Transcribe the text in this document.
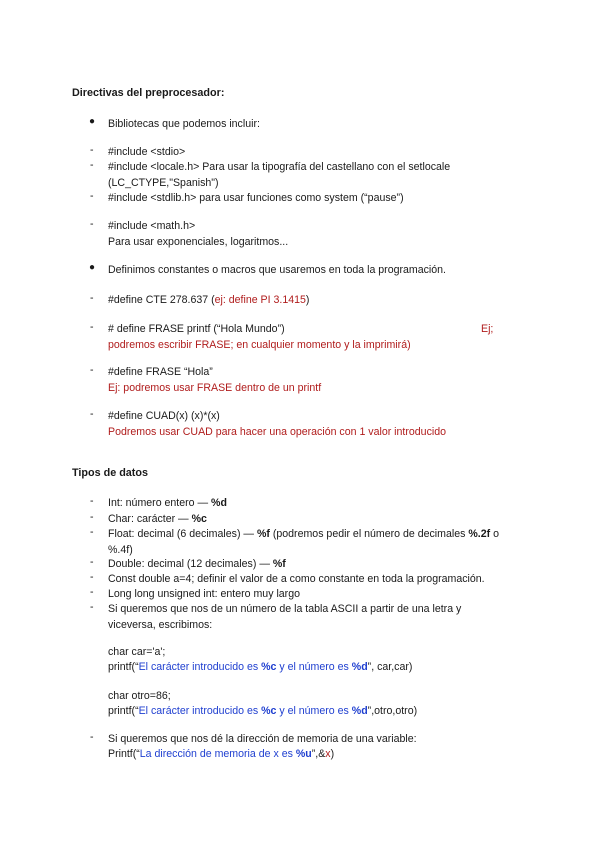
Directivas del preprocesador:
● Bibliotecas que podemos incluir:
- #include <stdio>
- #include <locale.h> Para usar la tipografía del castellano con el setlocale
(LC_CTYPE,"Spanish")
- #include <stdlib.h> para usar funciones como system (“pause”)
- #include <math.h>
Para usar exponenciales, logaritmos...
● Definimos constantes o macros que usaremos en toda la programación.
- #define CTE 278.637 (ej: define PI 3.1415)
- # define FRASE printf (“Hola Mundo”)	Ej;
podremos escribir FRASE; en cualquier momento y la imprimirá)
- #define FRASE “Hola”
Ej: podremos usar FRASE dentro de un printf
- #define CUAD(x) (x)*(x)
Podremos usar CUAD para hacer una operación con 1 valor introducido
Tipos de datos
- Int: número entero — %d
- Char: carácter — %c
- Float: decimal (6 decimales) — %f (podremos pedir el número de decimales %.2f o
%.4f)
- Double: decimal (12 decimales) — %f
- Const double a=4; definir el valor de a como constante en toda la programación.
- Long long unsigned int: entero muy largo
- Si queremos que nos de un número de la tabla ASCII a partir de una letra y
viceversa, escribimos:
char car='a';
printf(“El carácter introducido es %c y el número es %d”, car,car)
char otro=86;
printf(“El carácter introducido es %c y el número es %d”,otro,otro)
- Si queremos que nos dé la dirección de memoria de una variable:
Printf(“La dirección de memoria de x es %u”,&x)
